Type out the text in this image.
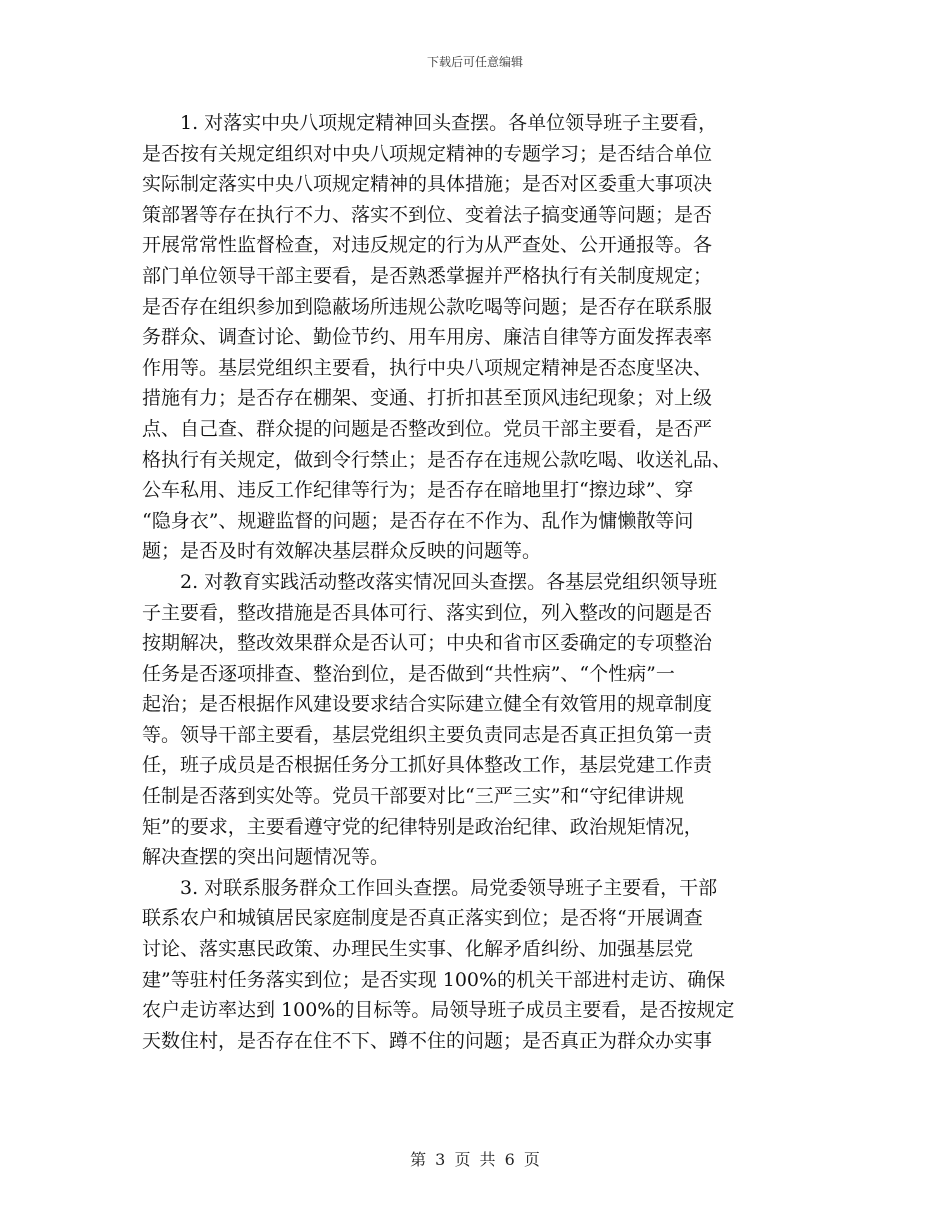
下载后可任意编辑
　　1. 对落实中央八项规定精神回头查摆。各单位领导班子主要看，
是否按有关规定组织对中央八项规定精神的专题学习；是否结合单位
实际制定落实中央八项规定精神的具体措施；是否对区委重大事项决
策部署等存在执行不力、落实不到位、变着法子搞变通等问题；是否
开展常常性监督检查，对违反规定的行为从严查处、公开通报等。各
部门单位领导干部主要看，是否熟悉掌握并严格执行有关制度规定；
是否存在组织参加到隐蔽场所违规公款吃喝等问题；是否存在联系服
务群众、调查讨论、勤俭节约、用车用房、廉洁自律等方面发挥表率
作用等。基层党组织主要看，执行中央八项规定精神是否态度坚决、
措施有力；是否存在棚架、变通、打折扣甚至顶风违纪现象；对上级
点、自己查、群众提的问题是否整改到位。党员干部主要看，是否严
格执行有关规定，做到令行禁止；是否存在违规公款吃喝、收送礼品、
公车私用、违反工作纪律等行为；是否存在暗地里打“擦边球”、穿
“隐身衣”、规避监督的问题；是否存在不作为、乱作为慵懒散等问
题；是否及时有效解决基层群众反映的问题等。
　　2. 对教育实践活动整改落实情况回头查摆。各基层党组织领导班
子主要看，整改措施是否具体可行、落实到位，列入整改的问题是否
按期解决，整改效果群众是否认可；中央和省市区委确定的专项整治
任务是否逐项排查、整治到位，是否做到“共性病”、“个性病”一
起治；是否根据作风建设要求结合实际建立健全有效管用的规章制度
等。领导干部主要看，基层党组织主要负责同志是否真正担负第一责
任，班子成员是否根据任务分工抓好具体整改工作，基层党建工作责
任制是否落到实处等。党员干部要对比“三严三实”和“守纪律讲规
矩”的要求，主要看遵守党的纪律特别是政治纪律、政治规矩情况，
解决查摆的突出问题情况等。
　　3. 对联系服务群众工作回头查摆。局党委领导班子主要看，干部
联系农户和城镇居民家庭制度是否真正落实到位；是否将“开展调查
讨论、落实惠民政策、办理民生实事、化解矛盾纠纷、加强基层党
建”等驻村任务落实到位；是否实现 100%的机关干部进村走访、确保
农户走访率达到 100%的目标等。局领导班子成员主要看，是否按规定
天数住村，是否存在住不下、蹲不住的问题；是否真正为群众办实事
第 3 页 共 6 页
